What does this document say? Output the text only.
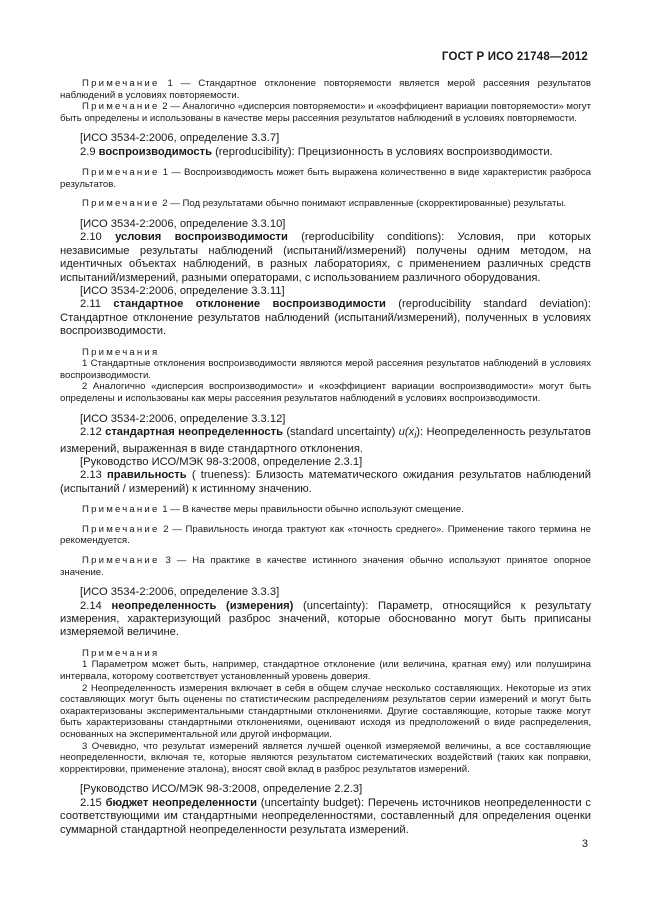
ГОСТ Р ИСО 21748—2012

Примечание 1 — Стандартное отклонение повторяемости является мерой рассеяния результатов наблюдений в условиях повторяемости.

Примечание 2 — Аналогично «дисперсия повторяемости» и «коэффициент вариации повторяемости» могут быть определены и использованы в качестве меры рассеяния результатов наблюдений в условиях повторяемости.

[ИСО 3534-2:2006, определение 3.3.7]

2.9 воспроизводимость (reproducibility): Прецизионность в условиях воспроизводимости.

Примечание 1 — Воспроизводимость может быть выражена количественно в виде характеристик разброса результатов.

Примечание 2 — Под результатами обычно понимают исправленные (скорректированные) результаты.

[ИСО 3534-2:2006, определение 3.3.10]

2.10 условия воспроизводимости (reproducibility conditions): Условия, при которых независимые результаты наблюдений (испытаний/измерений) получены одним методом, на идентичных объектах наблюдений, в разных лабораториях, с применением различных средств испытаний/измерений, разными операторами, с использованием различного оборудования.

[ИСО 3534-2:2006, определение 3.3.11]

2.11 стандартное отклонение воспроизводимости (reproducibility standard deviation): Стандартное отклонение результатов наблюдений (испытаний/измерений), полученных в условиях воспроизводимости.

Примечания

1 Стандартные отклонения воспроизводимости являются мерой рассеяния результатов наблюдений в условиях воспроизводимости.

2 Аналогично «дисперсия воспроизводимости» и «коэффициент вариации воспроизводимости» могут быть определены и использованы как меры рассеяния результатов наблюдений в условиях воспроизводимости.

[ИСО 3534-2:2006, определение 3.3.12]

2.12 стандартная неопределенность (standard uncertainty) $u(x_i)$: Неопределенность результатов измерений, выраженная в виде стандартного отклонения.

[Руководство ИСО/МЭК 98-3:2008, определение 2.3.1]

2.13 правильность ( trueness): Близость математического ожидания результатов наблюдений (испытаний / измерений) к истинному значению.

Примечание 1 — В качестве меры правильности обычно используют смещение.

Примечание 2 — Правильность иногда трактуют как «точность среднего». Применение такого термина не рекомендуется.

Примечание 3 — На практике в качестве истинного значения обычно используют принятое опорное значение.

[ИСО 3534-2:2006, определение 3.3.3]

2.14 неопределенность (измерения) (uncertainty): Параметр, относящийся к результату измерения, характеризующий разброс значений, которые обоснованно могут быть приписаны измеряемой величине.

Примечания

1 Параметром может быть, например, стандартное отклонение (или величина, кратная ему) или полуширина интервала, которому соответствует установленный уровень доверия.

2 Неопределенность измерения включает в себя в общем случае несколько составляющих. Некоторые из этих составляющих могут быть оценены по статистическим распределениям результатов серии измерений и могут быть охарактеризованы экспериментальными стандартными отклонениями. Другие составляющие, которые также могут быть характеризованы стандартными отклонениями, оценивают исходя из предположений о виде распределения, основанных на экспериментальной или другой информации.

3 Очевидно, что результат измерений является лучшей оценкой измеряемой величины, а все составляющие неопределенности, включая те, которые являются результатом систематических воздействий (таких как поправки, корректировки, применение эталона), вносят свой вклад в разброс результатов измерений.

[Руководство ИСО/МЭК 98-3:2008, определение 2.2.3]

2.15 бюджет неопределенности (uncertainty budget): Перечень источников неопределенности с соответствующими им стандартными неопределенностями, составленный для определения оценки суммарной стандартной неопределенности результата измерений.

3
